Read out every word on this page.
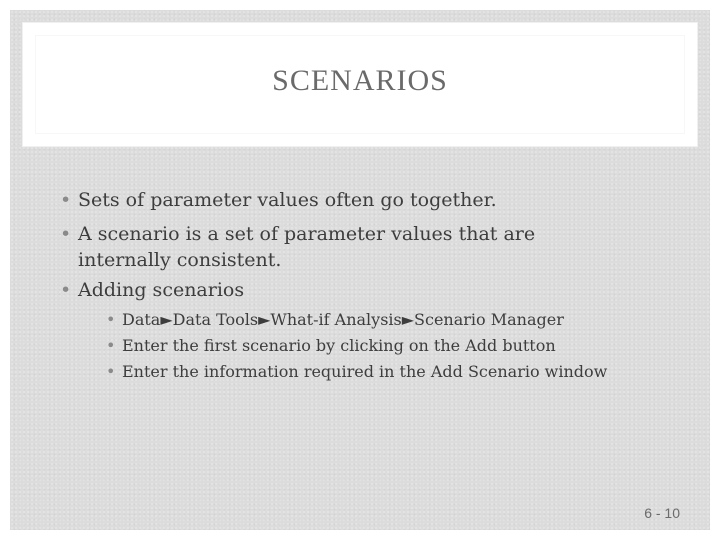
SCENARIOS
• Sets of parameter values often go together.
• A scenario is a set of parameter values that are
internally consistent.
• Adding scenarios
• Data►Data Tools►What-if Analysis►Scenario Manager
• Enter the first scenario by clicking on the Add button
• Enter the information required in the Add Scenario window
6 - 10
